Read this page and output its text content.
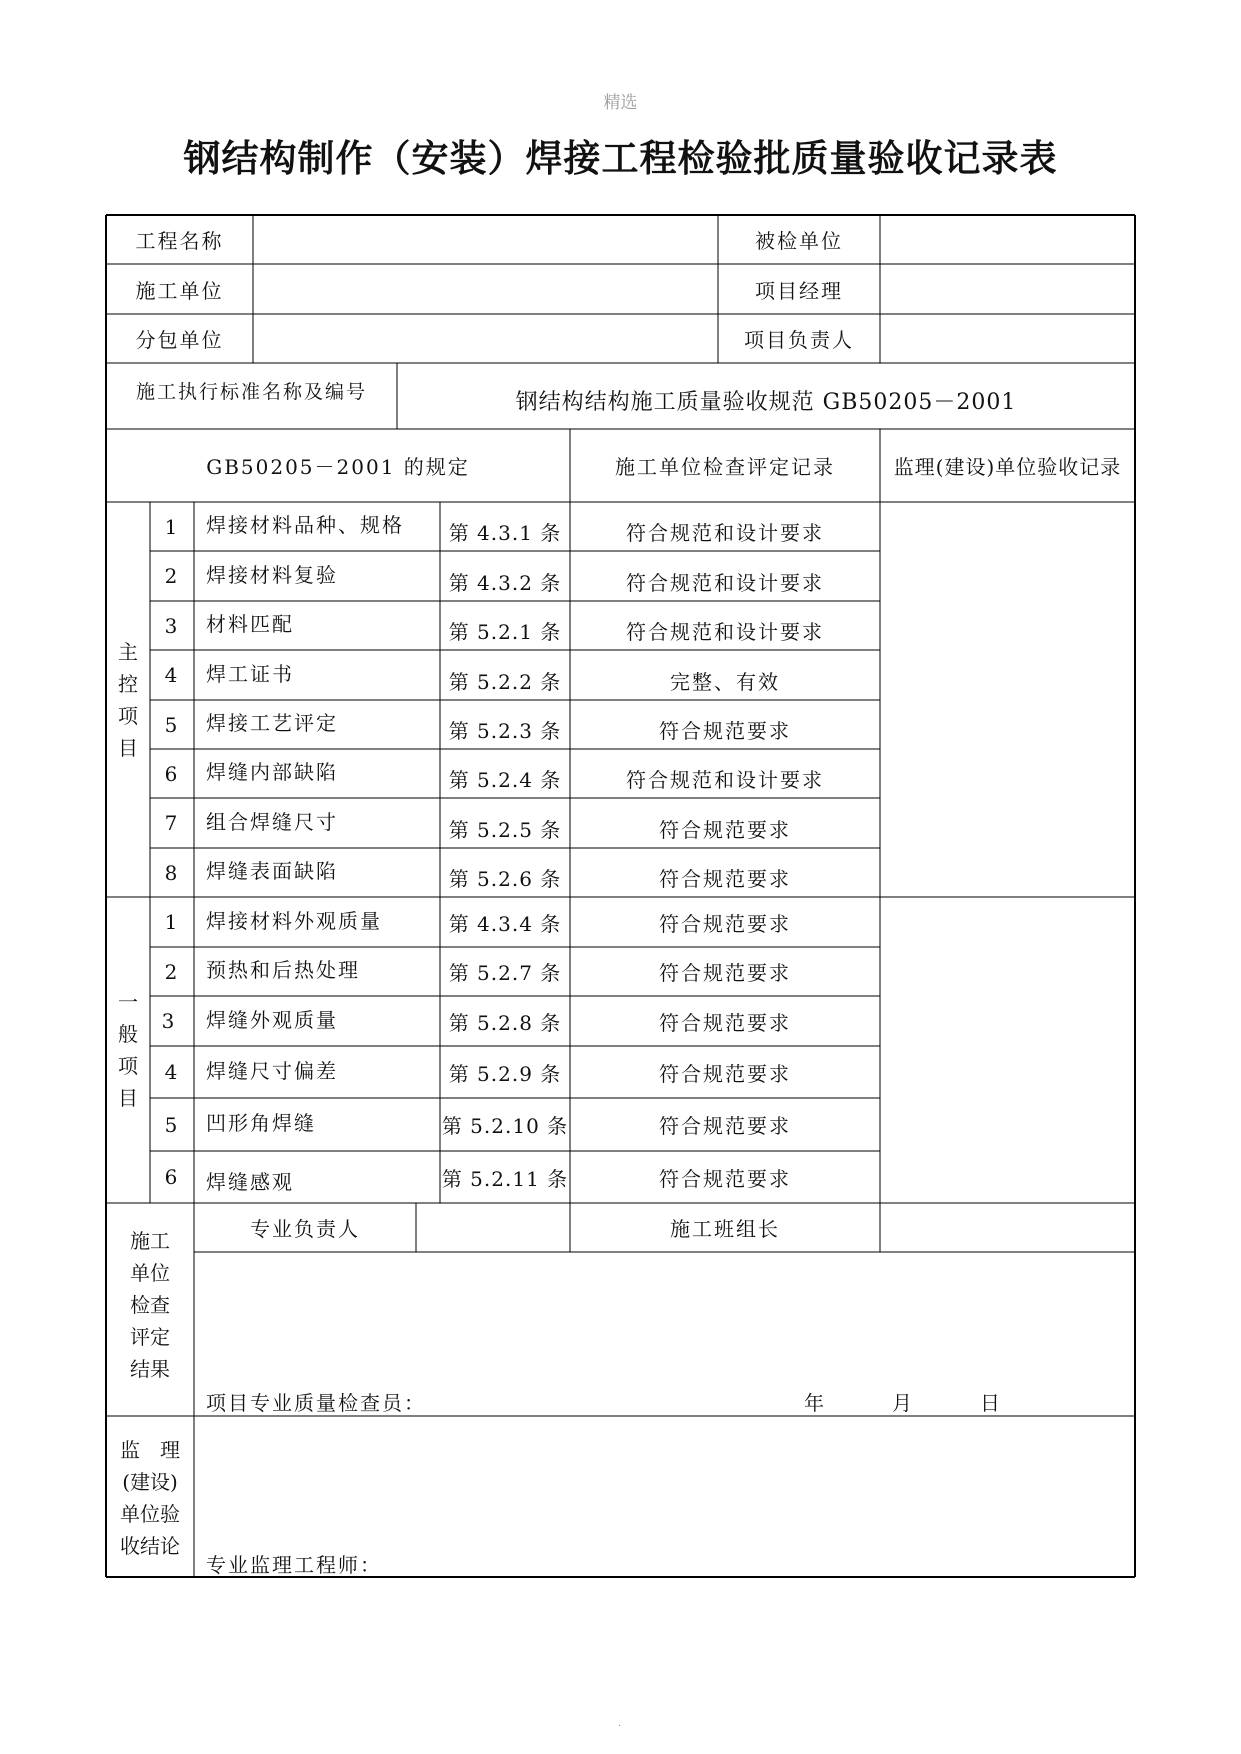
精选
钢结构制作（安装）焊接工程检验批质量验收记录表
工程名称	被检单位
施工单位	项目经理
分包单位	项目负责人
施工执行标准名称及编号	钢结构结构施工质量验收规范 GB50205－2001
GB50205－2001 的规定	施工单位检查评定记录	监理(建设)单位验收记录
主
控
项
目
一
般
项
目
1	焊接材料品种、规格	第 4.3.1 条	符合规范和设计要求
2	焊接材料复验	第 4.3.2 条	符合规范和设计要求
3	材料匹配	第 5.2.1 条	符合规范和设计要求
4	焊工证书	第 5.2.2 条	完整、有效
5	焊接工艺评定	第 5.2.3 条	符合规范要求
6	焊缝内部缺陷	第 5.2.4 条	符合规范和设计要求
7	组合焊缝尺寸	第 5.2.5 条	符合规范要求
8	焊缝表面缺陷	第 5.2.6 条	符合规范要求
1	焊接材料外观质量	第 4.3.4 条	符合规范要求
2	预热和后热处理	第 5.2.7 条	符合规范要求
3	焊缝外观质量	第 5.2.8 条	符合规范要求
4	焊缝尺寸偏差	第 5.2.9 条	符合规范要求
5	凹形角焊缝	第 5.2.10 条	符合规范要求
6	焊缝感观	第 5.2.11 条	符合规范要求
施工
单位
检查
评定
结果
专业负责人	施工班组长
项目专业质量检查员：	年	月	日
监　理
(建设)
单位验
收结论
专业监理工程师：
.
